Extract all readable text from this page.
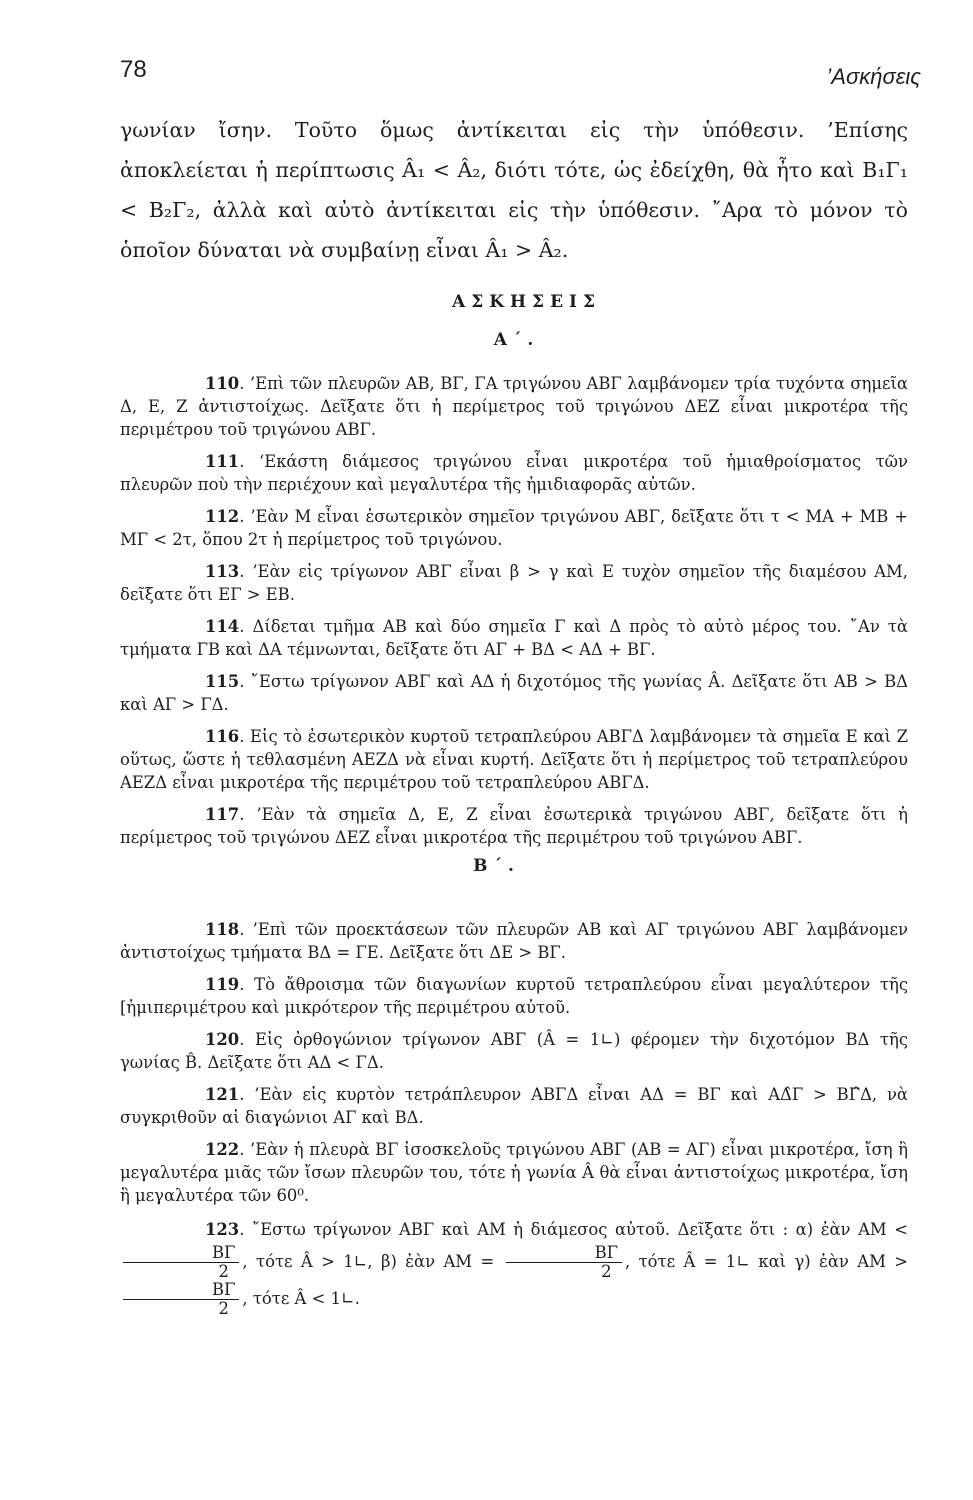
78	’Ασκήσεις

γωνίαν ἴσην. Τοῦτο ὅμως ἀντίκειται εἰς τὴν ὑπόθεσιν. ’Επίσης ἀποκλείεται ἡ περίπτωσις Â₁ < Â₂, διότι τότε, ὡς ἐδείχθη, θὰ ἦτο καὶ Β₁Γ₁ < Β₂Γ₂, ἀλλὰ καὶ αὐτὸ ἀντίκειται εἰς τὴν ὑπόθεσιν. ῎Αρα τὸ μόνον τὸ ὁποῖον δύναται νὰ συμβαίνῃ εἶναι Â₁ > Â₂.

ΑΣΚΗΣΕΙΣ
Α΄.

110. ’Επὶ τῶν πλευρῶν ΑΒ, ΒΓ, ΓΑ τριγώνου ΑΒΓ λαμβάνομεν τρία τυχόντα σημεῖα Δ, Ε, Ζ ἀντιστοίχως. Δεῖξατε ὅτι ἡ περίμετρος τοῦ τριγώνου ΔΕΖ εἶναι μικροτέρα τῆς περιμέτρου τοῦ τριγώνου ΑΒΓ.

111. ‘Εκάστη διάμεσος τριγώνου εἶναι μικροτέρα τοῦ ἡμιαθροίσματος τῶν πλευρῶν ποὺ τὴν περιέχουν καὶ μεγαλυτέρα τῆς ἡμιδιαφορᾶς αὐτῶν.

112. ’Εὰν Μ εἶναι ἐσωτερικὸν σημεῖον τριγώνου ΑΒΓ, δεῖξατε ὅτι τ < ΜΑ + ΜΒ + ΜΓ < 2τ, ὅπου 2τ ἡ περίμετρος τοῦ τριγώνου.

113. ’Εὰν εἰς τρίγωνον ΑΒΓ εἶναι β > γ καὶ Ε τυχὸν σημεῖον τῆς διαμέσου ΑΜ, δεῖξατε ὅτι ΕΓ > ΕΒ.

114. Δίδεται τμῆμα ΑΒ καὶ δύο σημεῖα Γ καὶ Δ πρὸς τὸ αὐτὸ μέρος του. ῎Αν τὰ τμήματα ΓΒ καὶ ΔΑ τέμνωνται, δεῖξατε ὅτι ΑΓ + ΒΔ < ΑΔ + ΒΓ.

115. ῎Εστω τρίγωνον ΑΒΓ καὶ ΑΔ ἡ διχοτόμος τῆς γωνίας Â. Δεῖξατε ὅτι ΑΒ > ΒΔ καὶ ΑΓ > ΓΔ.

116. Εἰς τὸ ἐσωτερικὸν κυρτοῦ τετραπλεύρου ΑΒΓΔ λαμβάνομεν τὰ σημεῖα Ε καὶ Ζ οὕτως, ὥστε ἡ τεθλασμένη ΑΕΖΔ νὰ εἶναι κυρτή. Δεῖξατε ὅτι ἡ περίμετρος τοῦ τετραπλεύρου ΑΕΖΔ εἶναι μικροτέρα τῆς περιμέτρου τοῦ τετραπλεύρου ΑΒΓΔ.

117. ’Εὰν τὰ σημεῖα Δ, Ε, Ζ εἶναι ἐσωτερικὰ τριγώνου ΑΒΓ, δεῖξατε ὅτι ἡ περίμετρος τοῦ τριγώνου ΔΕΖ εἶναι μικροτέρα τῆς περιμέτρου τοῦ τριγώνου ΑΒΓ.

Β΄.

118. ’Επὶ τῶν προεκτάσεων τῶν πλευρῶν ΑΒ καὶ ΑΓ τριγώνου ΑΒΓ λαμβάνομεν ἀντιστοίχως τμήματα ΒΔ = ΓΕ. Δεῖξατε ὅτι ΔΕ > ΒΓ.

119. Τὸ ἄθροισμα τῶν διαγωνίων κυρτοῦ τετραπλεύρου εἶναι μεγαλύτερον τῆς [ἡμιπεριμέτρου καὶ μικρότερον τῆς περιμέτρου αὐτοῦ.

120. Εἰς ὀρθογώνιον τρίγωνον ΑΒΓ (Â = 1∟) φέρομεν τὴν διχοτόμον ΒΔ τῆς γωνίας B̂. Δεῖξατε ὅτι ΑΔ < ΓΔ.

121. ’Εὰν εἰς κυρτὸν τετράπλευρον ΑΒΓΔ εἶναι ΑΔ = ΒΓ καὶ ΑΔ̂Γ > ΒΓ̂Δ, νὰ συγκριθοῦν αἱ διαγώνιοι ΑΓ καὶ ΒΔ.

122. ’Εὰν ἡ πλευρὰ ΒΓ ἰσοσκελοῦς τριγώνου ΑΒΓ (ΑΒ = ΑΓ) εἶναι μικροτέρα, ἴση ἢ μεγαλυτέρα μιᾶς τῶν ἴσων πλευρῶν του, τότε ἡ γωνία Â θὰ εἶναι ἀντιστοίχως μικροτέρα, ἴση ἢ μεγαλυτέρα τῶν 60⁰.

123. ῎Εστω τρίγωνον ΑΒΓ καὶ ΑΜ ἡ διάμεσος αὐτοῦ. Δεῖξατε ὅτι : α) ἐὰν ΑΜ <
$\frac{B\Gamma}{2}$ , τότε Â > 1∟, β) ἐὰν $AM = \frac{B\Gamma}{2}$ , τότε Â = 1∟ καὶ γ) ἐὰν ΑΜ >
$\frac{B\Gamma}{2}$ , τότε Â < 1∟.
